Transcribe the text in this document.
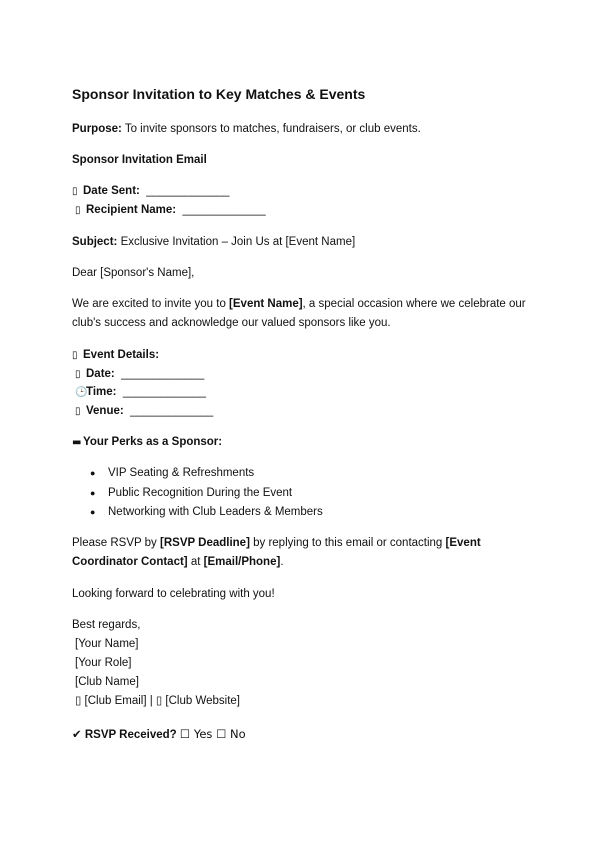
Sponsor Invitation to Key Matches & Events
Purpose: To invite sponsors to matches, fundraisers, or club events.
Sponsor Invitation Email
▯ Date Sent: _____________
▯ Recipient Name: _____________
Subject: Exclusive Invitation – Join Us at [Event Name]
Dear [Sponsor's Name],
We are excited to invite you to [Event Name], a special occasion where we celebrate our
club's success and acknowledge our valued sponsors like you.
▯ Event Details:
▯ Date: _____________
🕒Time: _____________
▯ Venue: _____________
▬ Your Perks as a Sponsor:
● VIP Seating & Refreshments
● Public Recognition During the Event
● Networking with Club Leaders & Members
Please RSVP by [RSVP Deadline] by replying to this email or contacting [Event
Coordinator Contact] at [Email/Phone].
Looking forward to celebrating with you!
Best regards,
[Your Name]
[Your Role]
[Club Name]
▯ [Club Email] | ▯ [Club Website]
✔ RSVP Received? ☐ Yes ☐ No
